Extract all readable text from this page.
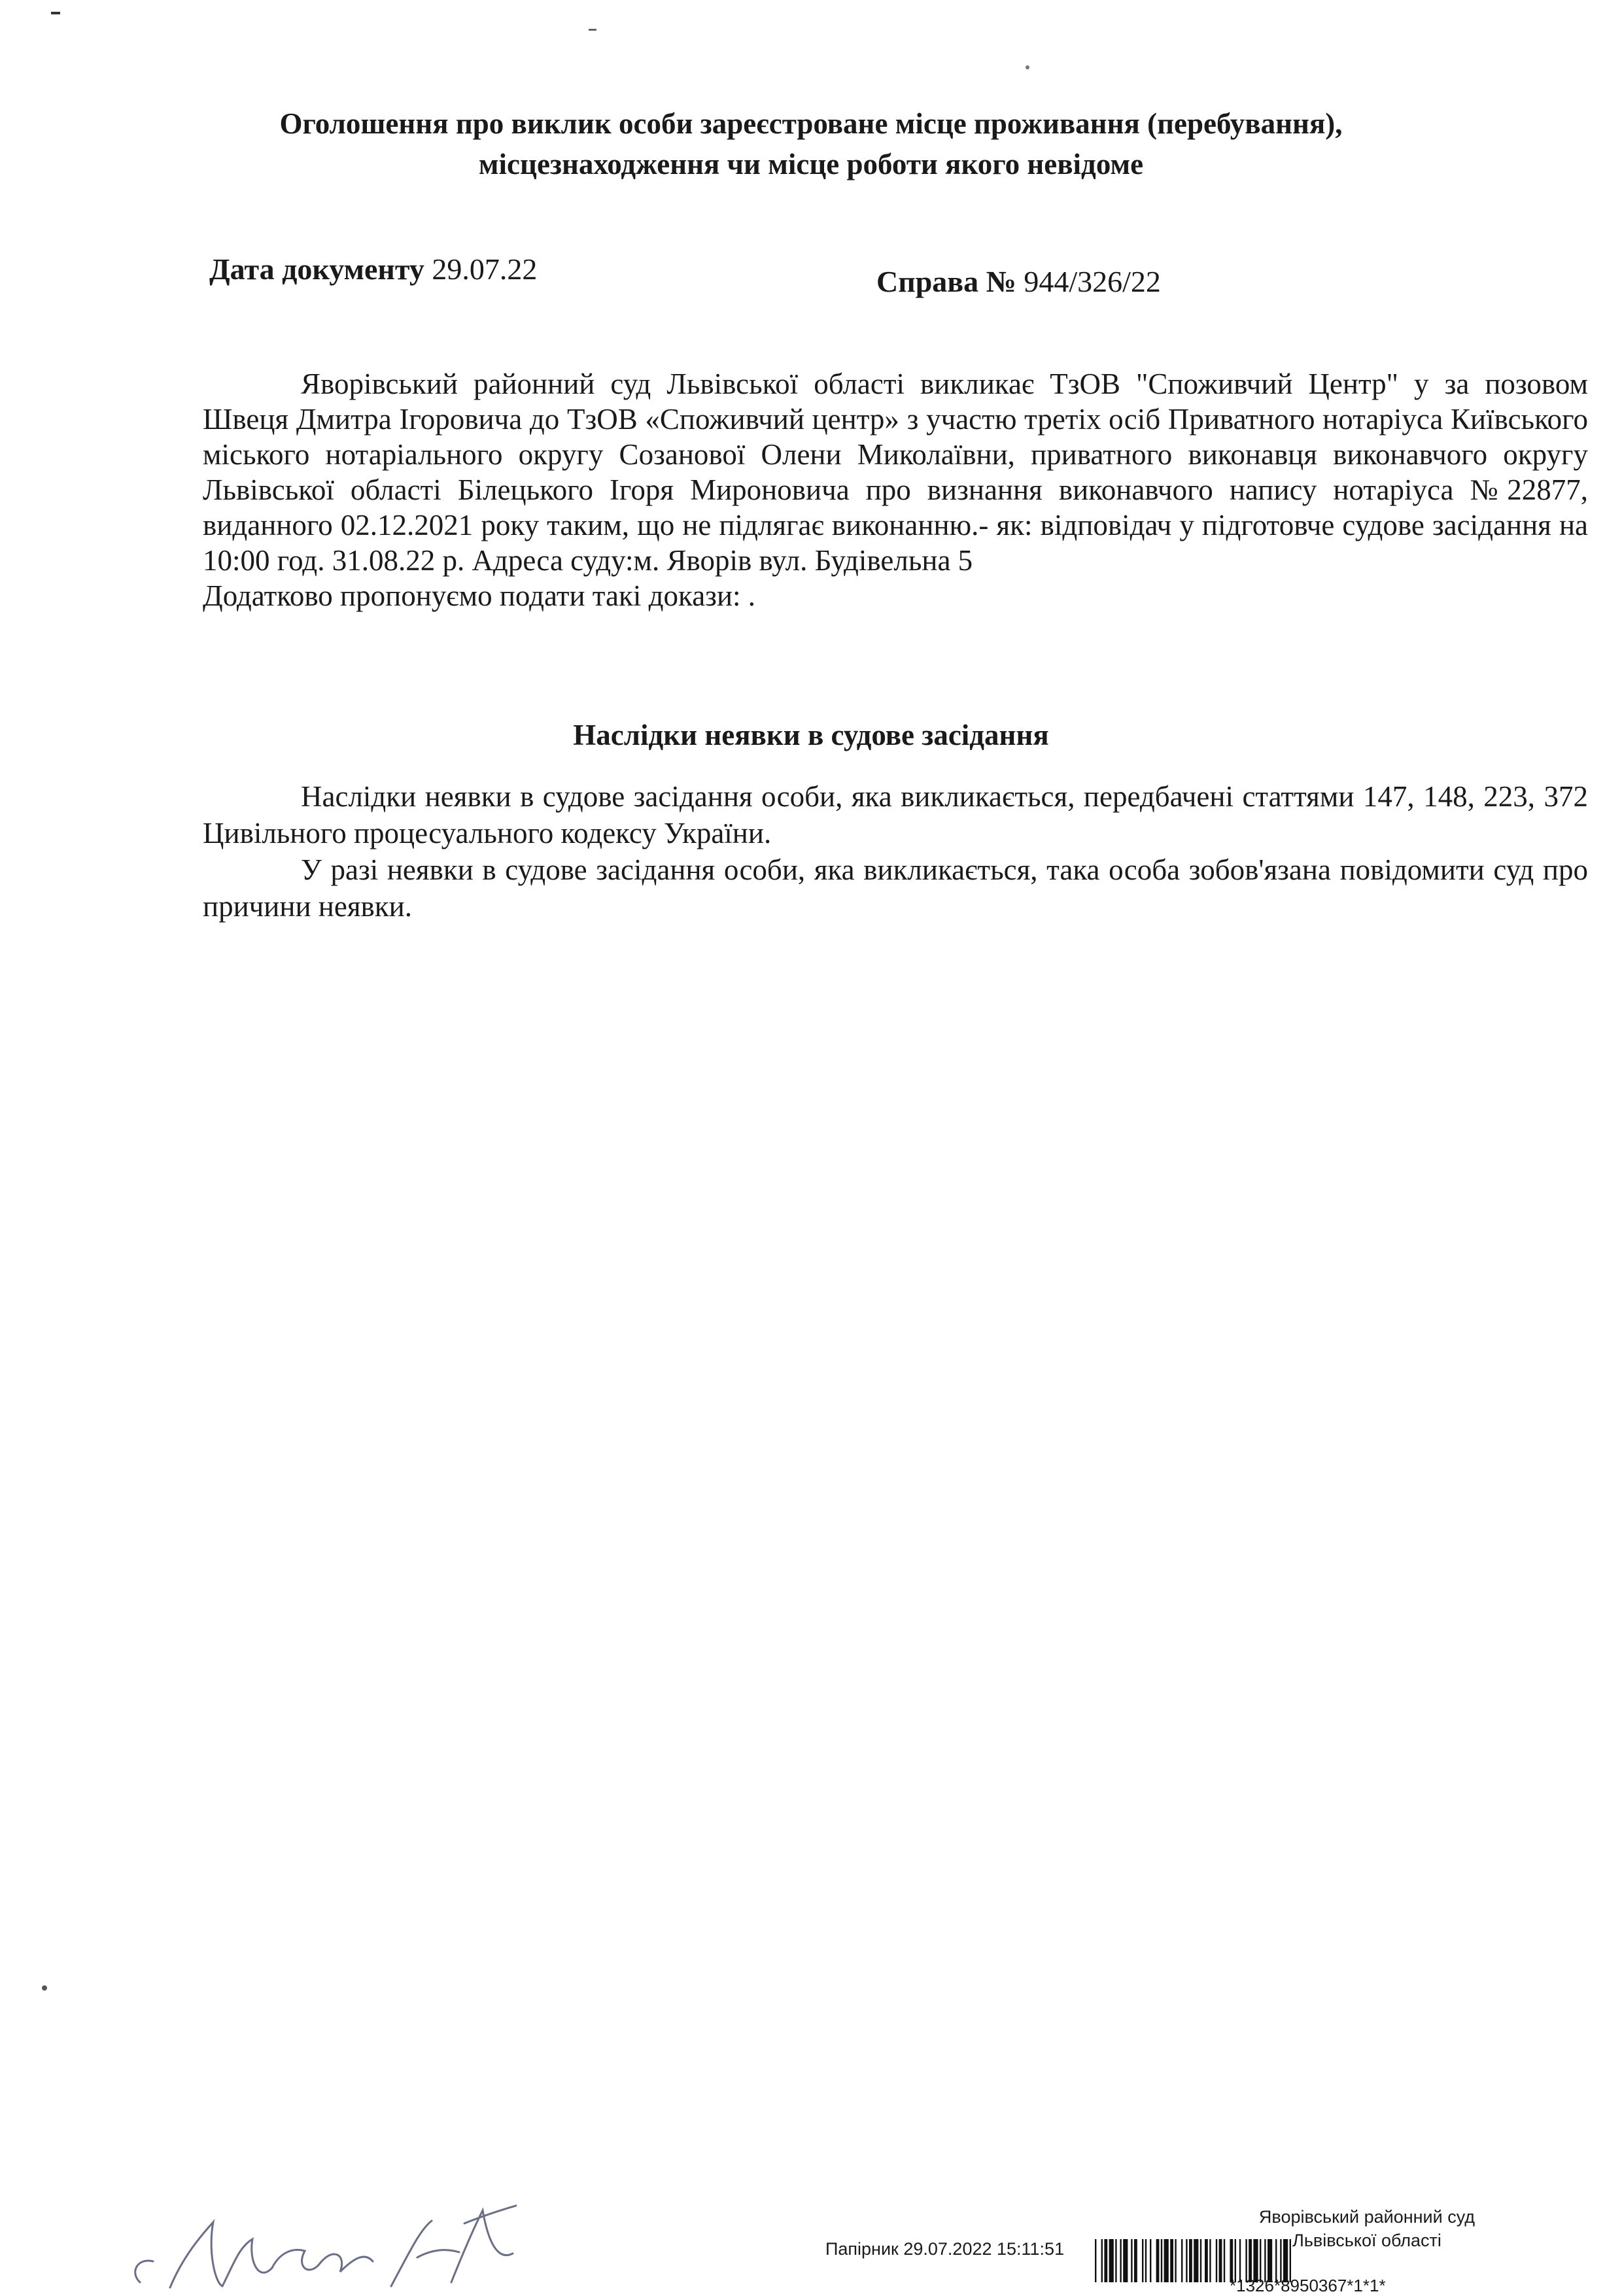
Оголошення про виклик особи зареєстроване місце проживання (перебування),
місцезнаходження чи місце роботи якого невідоме
Дата документу 29.07.22	Справа № 944/326/22

Яворівський районний суд Львівської області викликає ТзОВ "Споживчий Центр" у за позовом Швеця Дмитра Ігоровича до ТзОВ «Споживчий центр» з участю третіх осіб Приватного нотаріуса Київського міського нотаріального округу Созанової Олени Миколаївни, приватного виконавця виконавчого округу Львівської області Білецького Ігоря Мироновича про визнання виконавчого напису нотаріуса №22877, виданного 02.12.2021 року таким, що не підлягає виконанню.- як: відповідач у підготовче судове засідання на 10:00 год. 31.08.22 р. Адреса суду:м. Яворів вул. Будівельна 5

Додатково пропонуємо подати такі докази: .

Наслідки неявки в судове засідання

Наслідки неявки в судове засідання особи, яка викликається, передбачені статтями 147, 148, 223, 372 Цивільного процесуального кодексу України.

У разі неявки в судове засідання особи, яка викликається, така особа зобов'язана повідомити суд про причини неявки.

Яворівський районний суд
Львівської області
Папірник 29.07.2022 15:11:51
*1326*8950367*1*1*
